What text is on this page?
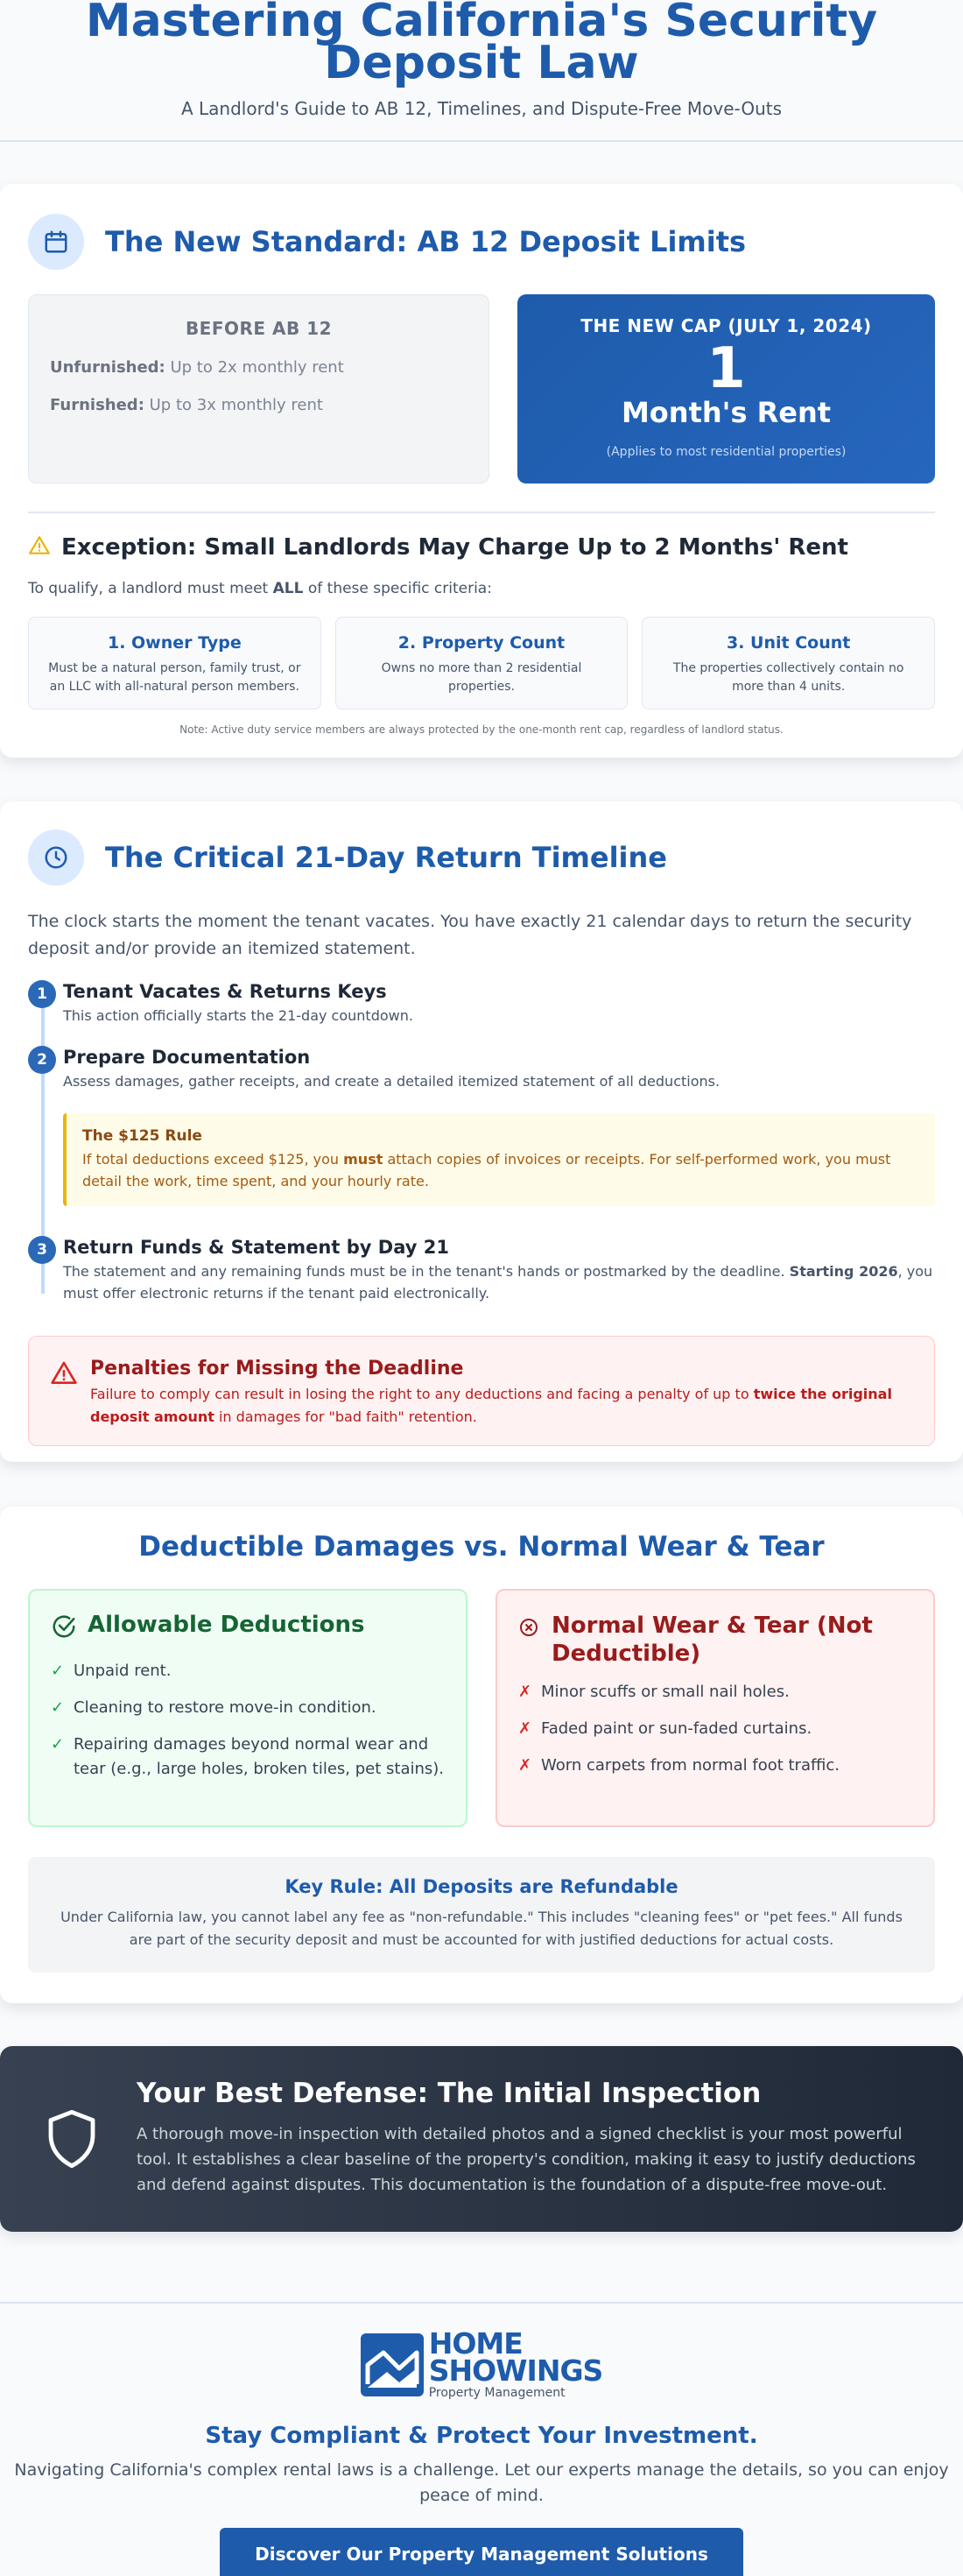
Mastering California's Security Deposit Law

A Landlord's Guide to AB 12, Timelines, and Dispute-Free Move-Outs

The New Standard: AB 12 Deposit Limits
BEFORE AB 12

Unfurnished: Up to 2x monthly rent

Furnished: Up to 3x monthly rent

THE NEW CAP (JULY 1, 2024)
1
Month's Rent
(Applies to most residential properties)
Exception: Small Landlords May Charge Up to 2 Months' Rent

To qualify, a landlord must meet ALL of these specific criteria:

1. Owner Type

Must be a natural person, family trust, or an LLC with all-natural person members.

2. Property Count

Owns no more than 2 residential properties.

3. Unit Count

The properties collectively contain no more than 4 units.

Note: Active duty service members are always protected by the one-month rent cap, regardless of landlord status.

The Critical 21-Day Return Timeline

The clock starts the moment the tenant vacates. You have exactly 21 calendar days to return the security deposit and/or provide an itemized statement.

1 Tenant Vacates & Returns Keys

This action officially starts the 21-day countdown.

2 Prepare Documentation

Assess damages, gather receipts, and create a detailed itemized statement of all deductions.

The $125 Rule

If total deductions exceed $125, you must attach copies of invoices or receipts. For self-performed work, you must detail the work, time spent, and your hourly rate.

3 Return Funds & Statement by Day 21

The statement and any remaining funds must be in the tenant's hands or postmarked by the deadline. Starting 2026, you must offer electronic returns if the tenant paid electronically.

Penalties for Missing the Deadline

Failure to comply can result in losing the right to any deductions and facing a penalty of up to twice the original deposit amount in damages for "bad faith" retention.

Deductible Damages vs. Normal Wear & Tear
Allowable Deductions
✓ Unpaid rent.
✓ Cleaning to restore move-in condition.
✓ Repairing damages beyond normal wear and tear (e.g., large holes, broken tiles, pet stains).
Normal Wear & Tear (Not Deductible)
✗ Minor scuffs or small nail holes.
✗ Faded paint or sun-faded curtains.
✗ Worn carpets from normal foot traffic.
Key Rule: All Deposits are Refundable

Under California law, you cannot label any fee as "non-refundable." This includes "cleaning fees" or "pet fees." All funds are part of the security deposit and must be accounted for with justified deductions for actual costs.

Your Best Defense: The Initial Inspection

A thorough move-in inspection with detailed photos and a signed checklist is your most powerful tool. It establishes a clear baseline of the property's condition, making it easy to justify deductions and defend against disputes. This documentation is the foundation of a dispute-free move-out.

HOME
SHOWINGS
Property Management
Stay Compliant & Protect Your Investment.

Navigating California's complex rental laws is a challenge. Let our experts manage the details, so you can enjoy peace of mind.

Discover Our Property Management Solutions
